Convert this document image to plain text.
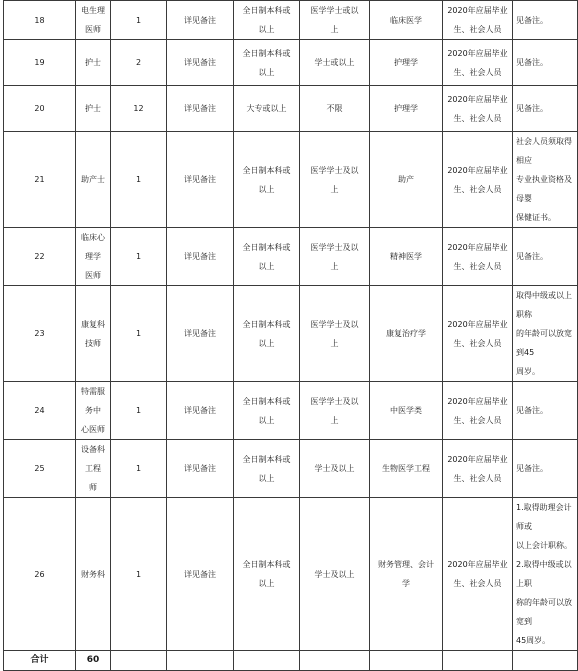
18	电生理医师	1	详见备注	全日制本科或
以上	医学学士或以
上	临床医学	2020年应届毕业
生、社会人员	见备注。

19	护士	2	详见备注	全日制本科或
以上	学士或以上	护理学	2020年应届毕业
生、社会人员	见备注。

20	护士	12	详见备注	大专或以上	不限	护理学	2020年应届毕业
生、社会人员	见备注。

21	助产士	1	详见备注	全日制本科或
以上	医学学士及以
上	助产	2020年应届毕业
生、社会人员	社会人员须取得相应
专业执业资格及母婴
保健证书。

22	临床心理学
医师	1	详见备注	全日制本科或
以上	医学学士及以
上	精神医学	2020年应届毕业
生、社会人员	见备注。

23	康复科技师	1	详见备注	全日制本科或
以上	医学学士及以
上	康复治疗学	2020年应届毕业
生、社会人员	取得中级或以上职称
的年龄可以放宽到45
周岁。

24	特需服务中
心医师	1	详见备注	全日制本科或
以上	医学学士及以
上	中医学类	2020年应届毕业
生、社会人员	见备注。

25	设备科工程
师	1	详见备注	全日制本科或
以上	学士及以上	生物医学工程	2020年应届毕业
生、社会人员	见备注。

26	财务科	1	详见备注	全日制本科或
以上	学士及以上	财务管理、会计
学	2020年应届毕业
生、社会人员	1.取得助理会计师或
以上会计职称。
2.取得中级或以上职
称的年龄可以放宽到
45周岁。

合计	60							
